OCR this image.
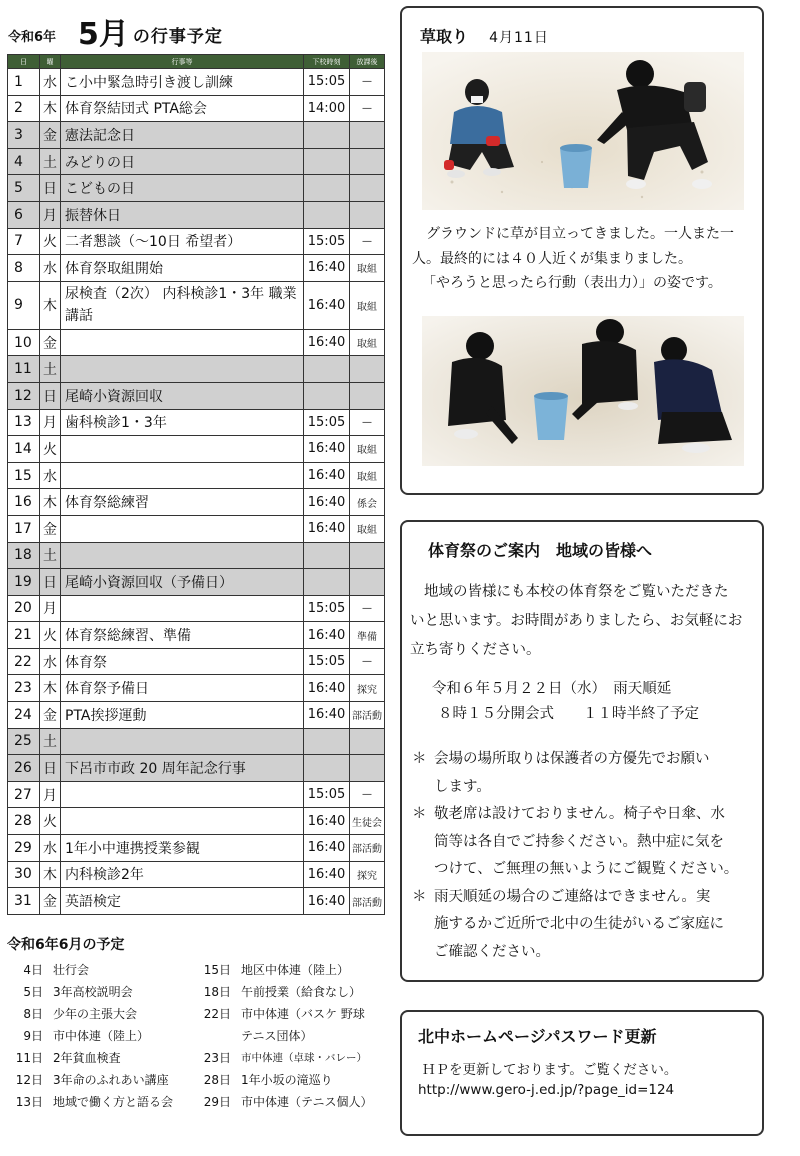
令和6年 5月 の行事予定
日	曜	行事等	下校時刻	放課後
1	水	こ小中緊急時引き渡し訓練	15:05	—
2	木	体育祭結団式 PTA総会	14:00	—
3	金	憲法記念日		
4	土	みどりの日		
5	日	こどもの日		
6	月	振替休日		
7	火	二者懇談（～10日 希望者）	15:05	—
8	水	体育祭取組開始	16:40	取組
9	木	尿検査（2次） 内科検診1・3年 職業講話	16:40	取組
10	金		16:40	取組
11	土			
12	日	尾崎小資源回収		
13	月	歯科検診1・3年	15:05	—
14	火		16:40	取組
15	水		16:40	取組
16	木	体育祭総練習	16:40	係会
17	金		16:40	取組
18	土			
19	日	尾崎小資源回収（予備日）		
20	月		15:05	—
21	火	体育祭総練習、準備	16:40	準備
22	水	体育祭	15:05	—
23	木	体育祭予備日	16:40	探究
24	金	PTA挨拶運動	16:40	部活動
25	土			
26	日	下呂市市政 20 周年記念行事		
27	月		15:05	—
28	火		16:40	生徒会
29	水	1年小中連携授業参観	16:40	部活動
30	木	内科検診2年	16:40	探究
31	金	英語検定	16:40	部活動
令和6年6月の予定
4日 壮行会
5日 3年高校説明会
8日 少年の主張大会
9日 市中体連（陸上）
11日 2年貧血検査
12日 3年命のふれあい講座
13日 地域で働く方と語る会
15日 地区中体連（陸上）
18日 午前授業（給食なし）
22日 市中体連（バスケ 野球
テニス団体）
23日 市中体連（卓球・バレー）
28日 1年小坂の滝巡り
29日 市中体連（テニス個人）
草取り 4月11日

グラウンドに草が目立ってきました。一人また一

人。最終的には４０人近くが集まりました。

「やろうと思ったら行動（表出力）」の姿です。

体育祭のご案内　地域の皆様へ

地域の皆様にも本校の体育祭をご覧いただきた

いと思います。お時間がありましたら、お気軽にお

立ち寄りください。

令和６年５月２２日（水）　雨天順延

８時１５分開会式　　１１時半終了予定

＊ 会場の場所取りは保護者の方優先でお願い
します。
＊ 敬老席は設けておりません。椅子や日傘、水
筒等は各自でご持参ください。熱中症に気を
つけて、ご無理の無いようにご観覧ください。
＊ 雨天順延の場合のご連絡はできません。実
施するかご近所で北中の生徒がいるご家庭に
ご確認ください。
北中ホームページパスワード更新
ＨＰを更新しております。ご覧ください。
http://www.gero-j.ed.jp/?page_id=124
